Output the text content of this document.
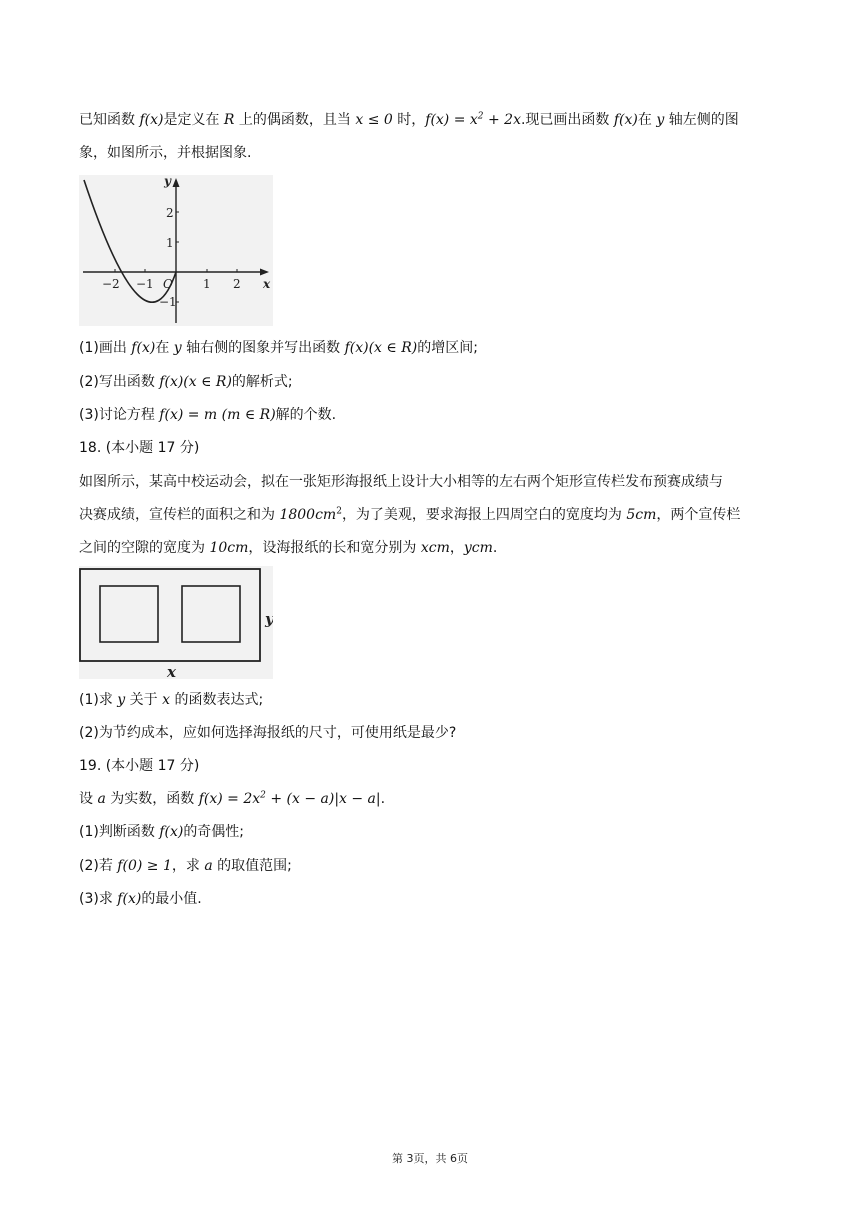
已知函数 f(x)是定义在 R 上的偶函数，且当 x ≤ 0 时，$f(x) = x^2 + 2x$.现已画出函数 f(x)在 y 轴左侧的图
象，如图所示，并根据图象.
−2 −1 O	1 2 x
y
2
1
−1
(1)画出 f(x)在 y 轴右侧的图象并写出函数 f(x)(x ∈ R)的增区间;
(2)写出函数 f(x)(x ∈ R)的解析式;
(3)讨论方程 f(x) = m (m ∈ R)解的个数.
18. (本小题 17 分)
如图所示，某高中校运动会，拟在一张矩形海报纸上设计大小相等的左右两个矩形宣传栏发布预赛成绩与
决赛成绩，宣传栏的面积之和为 $1800cm^2$，为了美观，要求海报上四周空白的宽度均为 5cm，两个宣传栏
之间的空隙的宽度为 10cm，设海报纸的长和宽分别为 xcm，ycm.
y
x
(1)求 y 关于 x 的函数表达式;
(2)为节约成本，应如何选择海报纸的尺寸，可使用纸是最少?
19. (本小题 17 分)
设 a 为实数，函数 $f(x) = 2x^2 + (x - a)|x - a|$.
(1)判断函数 f(x)的奇偶性;
(2)若 f(0) ≥ 1，求 a 的取值范围;
(3)求 f(x)的最小值.
第 3页，共 6页
